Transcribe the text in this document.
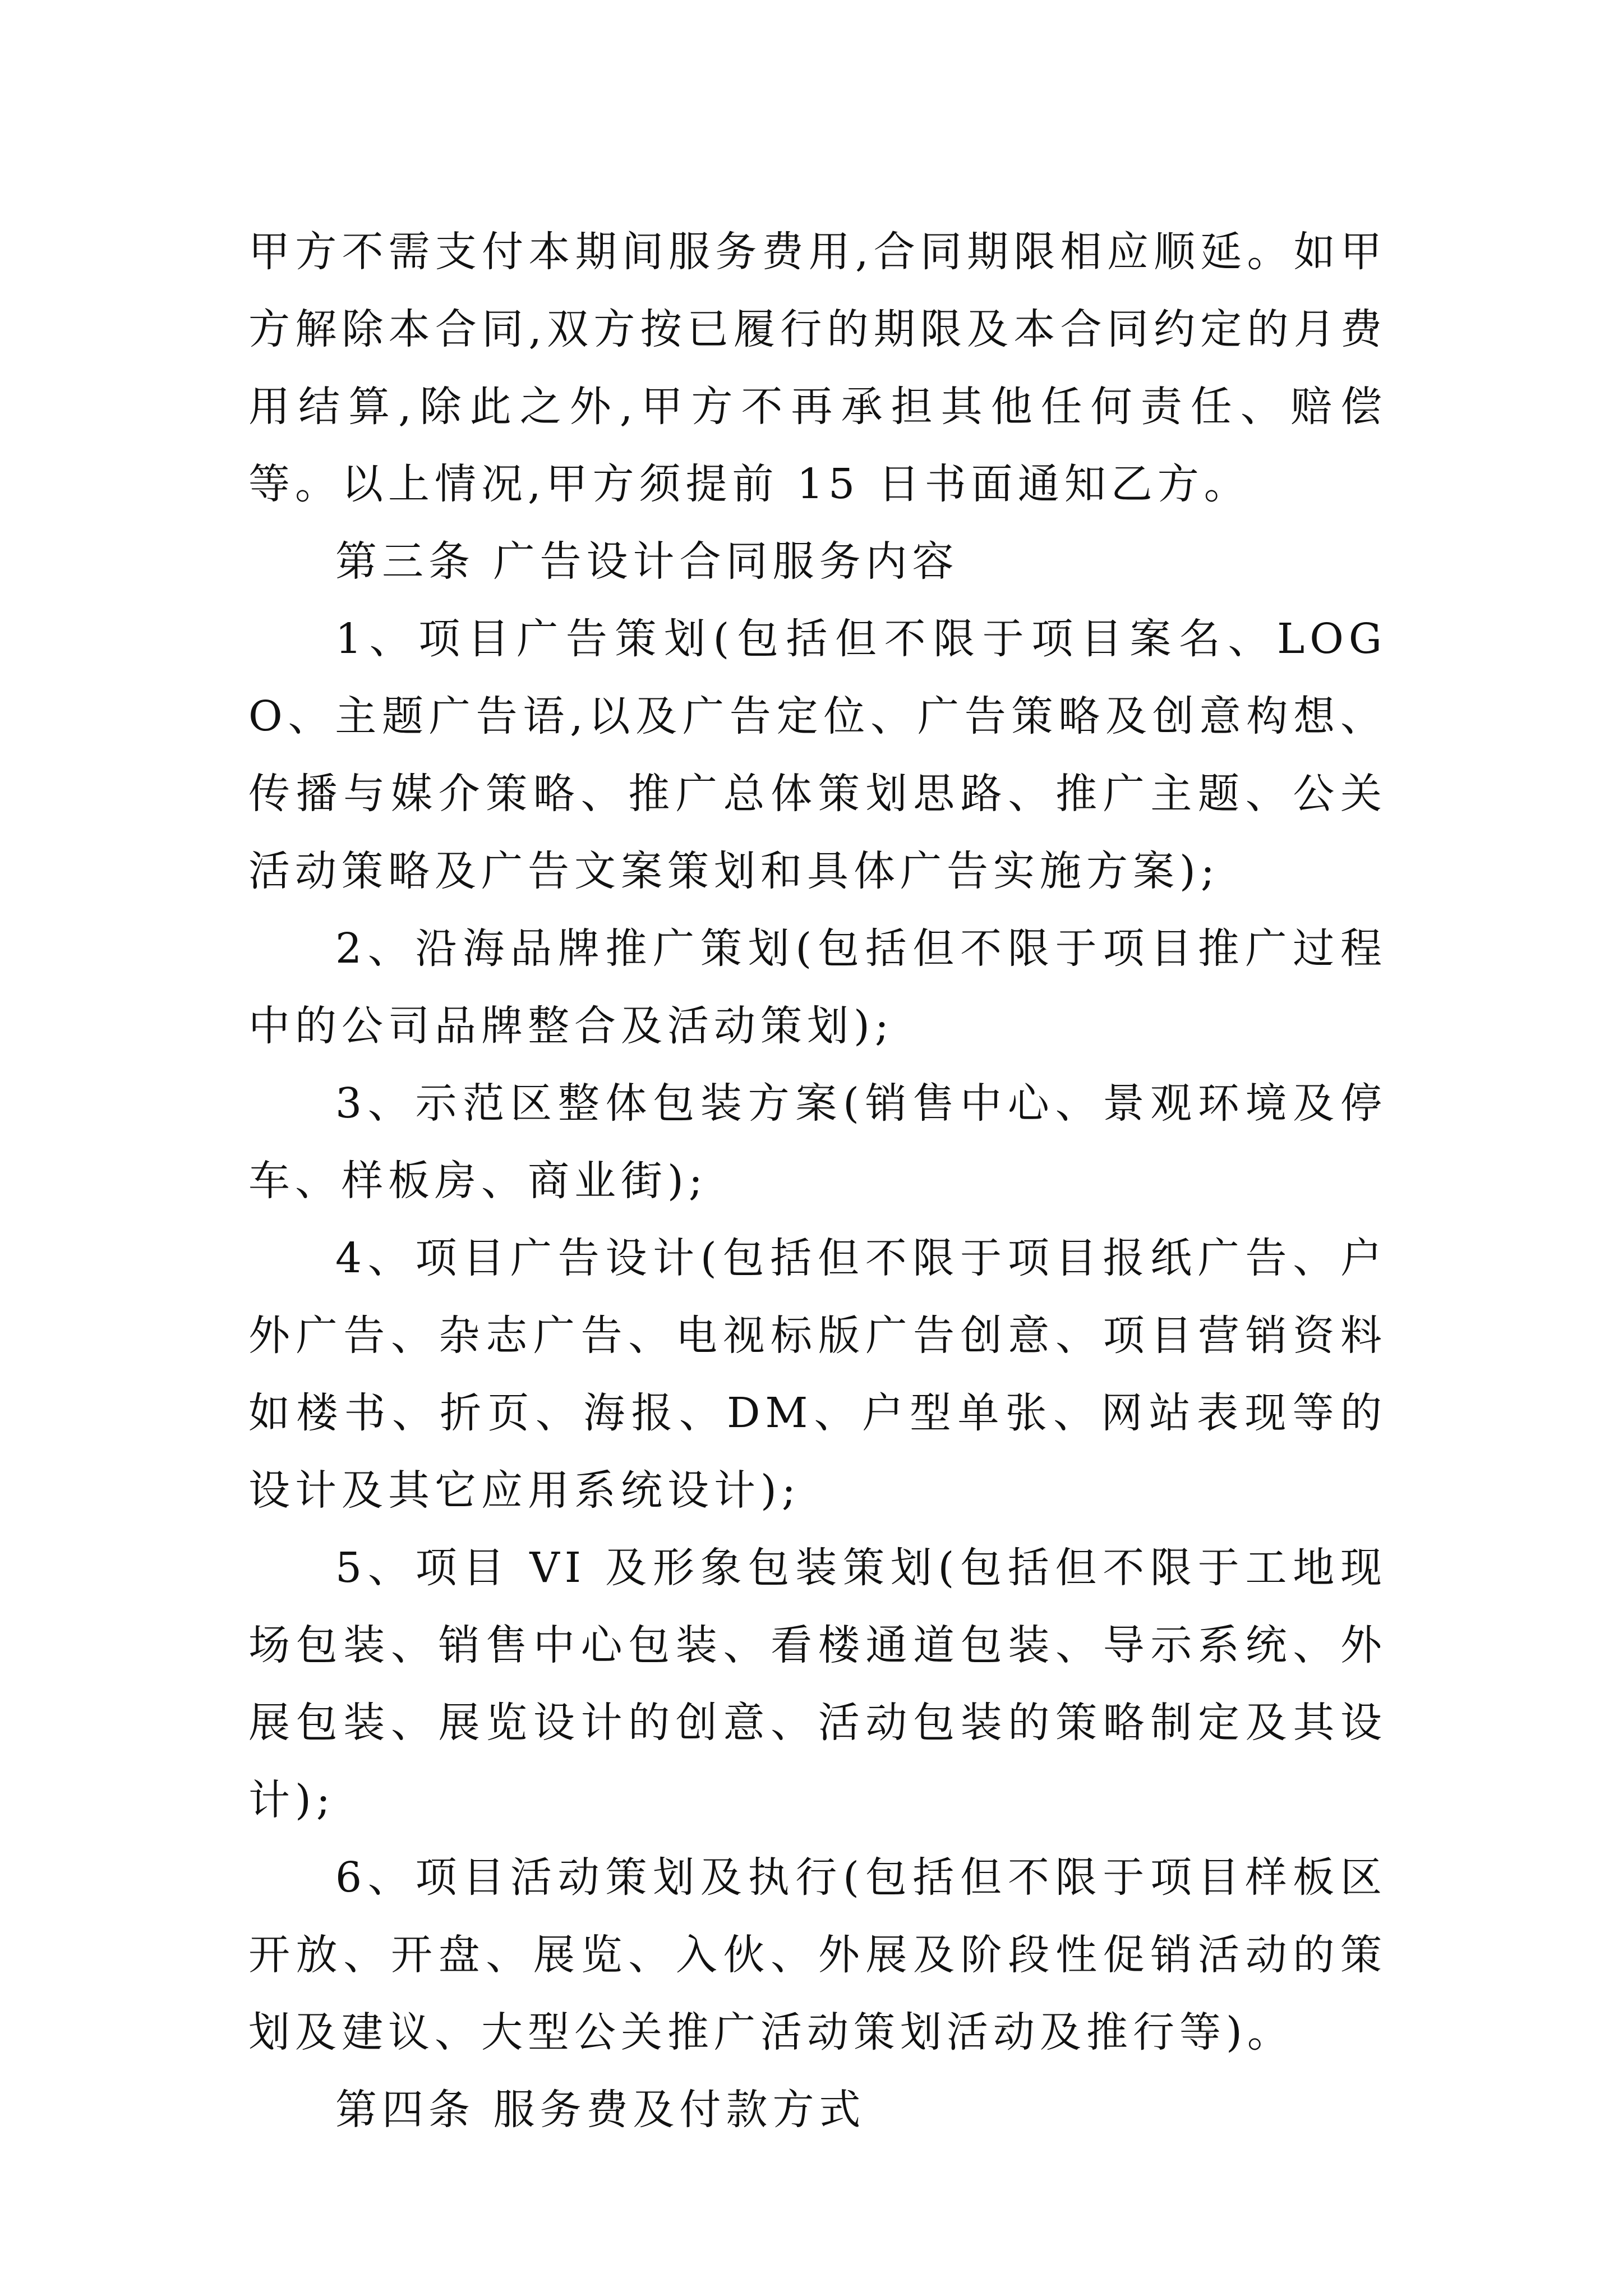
甲方不需支付本期间服务费用,合同期限相应顺延。如甲方解除本合同,双方按已履行的期限及本合同约定的月费用结算,除此之外,甲方不再承担其他任何责任、赔偿等。以上情况,甲方须提前 15 日书面通知乙方。

第三条 广告设计合同服务内容

1、项目广告策划(包括但不限于项目案名、LOGO、主题广告语,以及广告定位、广告策略及创意构想、传播与媒介策略、推广总体策划思路、推广主题、公关活动策略及广告文案策划和具体广告实施方案);

2、沿海品牌推广策划(包括但不限于项目推广过程中的公司品牌整合及活动策划);

3、示范区整体包装方案(销售中心、景观环境及停车、样板房、商业街);

4、项目广告设计(包括但不限于项目报纸广告、户外广告、杂志广告、电视标版广告创意、项目营销资料如楼书、折页、海报、DM、户型单张、网站表现等的设计及其它应用系统设计);

5、项目 VI 及形象包装策划(包括但不限于工地现场包装、销售中心包装、看楼通道包装、导示系统、外展包装、展览设计的创意、活动包装的策略制定及其设计);

6、项目活动策划及执行(包括但不限于项目样板区开放、开盘、展览、入伙、外展及阶段性促销活动的策划及建议、大型公关推广活动策划活动及推行等)。

第四条 服务费及付款方式
